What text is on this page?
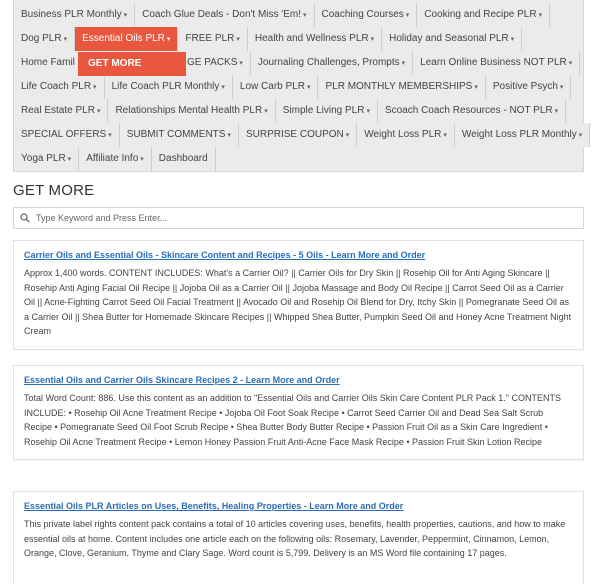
Business PLR Monthly ▾	Coach Glue Deals - Don't Miss 'Em! ▾	Coaching Courses ▾	Cooking and Recipe PLR ▾
Dog PLR ▾	Essential Oils PLR ▾	FREE PLR ▾	Health and Wellness PLR ▾	Holiday and Seasonal PLR ▾
Home Famil	GE PACKS ▾	Journaling Challenges, Prompts ▾	Learn Online Business NOT PLR ▾
Life Coach PLR ▾	Life Coach PLR Monthly ▾	Low Carb PLR ▾	PLR MONTHLY MEMBERSHIPS ▾	Positive Psych ▾
Real Estate PLR ▾	Relationships Mental Health PLR ▾	Simple Living PLR ▾	Scoach Coach Resources - NOT PLR ▾
SPECIAL OFFERS ▾	SUBMIT COMMENTS ▾	SURPRISE COUPON ▾	Weight Loss PLR ▾	Weight Loss PLR Monthly ▾
Yoga PLR ▾	Affiliate Info ▾	Dashboard
GET MORE
GET MORE
Type Keyword and Press Enter...
Carrier Oils and Essential Oils - Skincare Content and Recipes - 5 Oils - Learn More and Order

Approx 1,400 words. CONTENT INCLUDES: What's a Carrier Oil? || Carrier Oils for Dry Skin || Rosehip Oil for Anti Aging Skincare || Rosehip Anti Aging Facial Oil Recipe || Jojoba Oil as a Carrier Oil || Jojoba Massage and Body Oil Recipe || Carrot Seed Oil as a Carrier Oil || Acne-Fighting Carrot Seed Oil Facial Treatment || Avocado Oil and Rosehip Oil Blend for Dry, Itchy Skin || Pomegranate Seed Oil as a Carrier Oil || Shea Butter for Homemade Skincare Recipes || Whipped Shea Butter, Pumpkin Seed Oil and Honey Acne Treatment Night Cream

Essential Oils and Carrier Oils Skincare Recipes 2 - Learn More and Order

Total Word Count: 886. Use this content as an addition to "Essential Oils and Carrier Oils Skin Care Content PLR Pack 1." CONTENTS INCLUDE: • Rosehip Oil Acne Treatment Recipe • Jojoba Oil Foot Soak Recipe • Carrot Seed Carrier Oil and Dead Sea Salt Scrub Recipe • Pomegranate Seed Oil Foot Scrub Recipe • Shea Butter Body Butter Recipe • Passion Fruit Oil as a Skin Care Ingredient • Rosehip Oil Acne Treatment Recipe • Lemon Honey Passion Fruit Anti-Acne Face Mask Recipe • Passion Fruit Skin Lotion Recipe

Essential Oils PLR Articles on Uses, Benefits, Healing Properties - Learn More and Order

This private label rights content pack contains a total of 10 articles covering uses, benefits, health properties, cautions, and how to make essential oils at home. Content includes one article each on the following oils: Rosemary, Lavender, Peppermint, Cinnamon, Lemon, Orange, Clove, Geranium, Thyme and Clary Sage. Word count is 5,799. Delivery is an MS Word file containing 17 pages.
